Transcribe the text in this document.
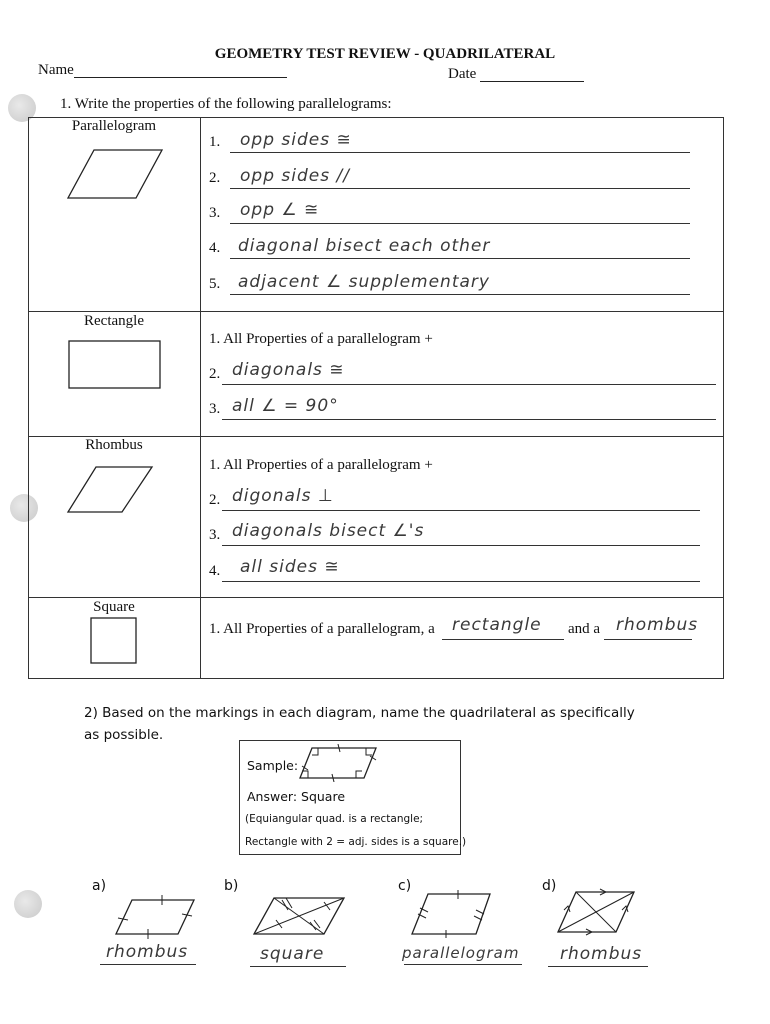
GEOMETRY TEST REVIEW - QUADRILATERAL
Name	Date
1. Write the properties of the following parallelograms:
Parallelogram
1. opp sides ≅
2. opp sides //
3. opp ∠ ≅
4. diagonal bisect each other
5. adjacent ∠ supplementary
Rectangle
1. All Properties of a parallelogram +
2. diagonals ≅
3. all ∠ = 90°
Rhombus
1. All Properties of a parallelogram +
2. digonals ⊥
3. diagonals bisect ∠'s
4. all sides ≅
Square
1. All Properties of a parallelogram, a rectangle and a rhombus
2) Based on the markings in each diagram, name the quadrilateral as specifically as possible.
Sample:
Answer: Square
(Equiangular quad. is a rectangle;
Rectangle with 2 = adj. sides is a square.)
a)
rhombus
b)
square
c)
parallelogram
d)
rhombus
